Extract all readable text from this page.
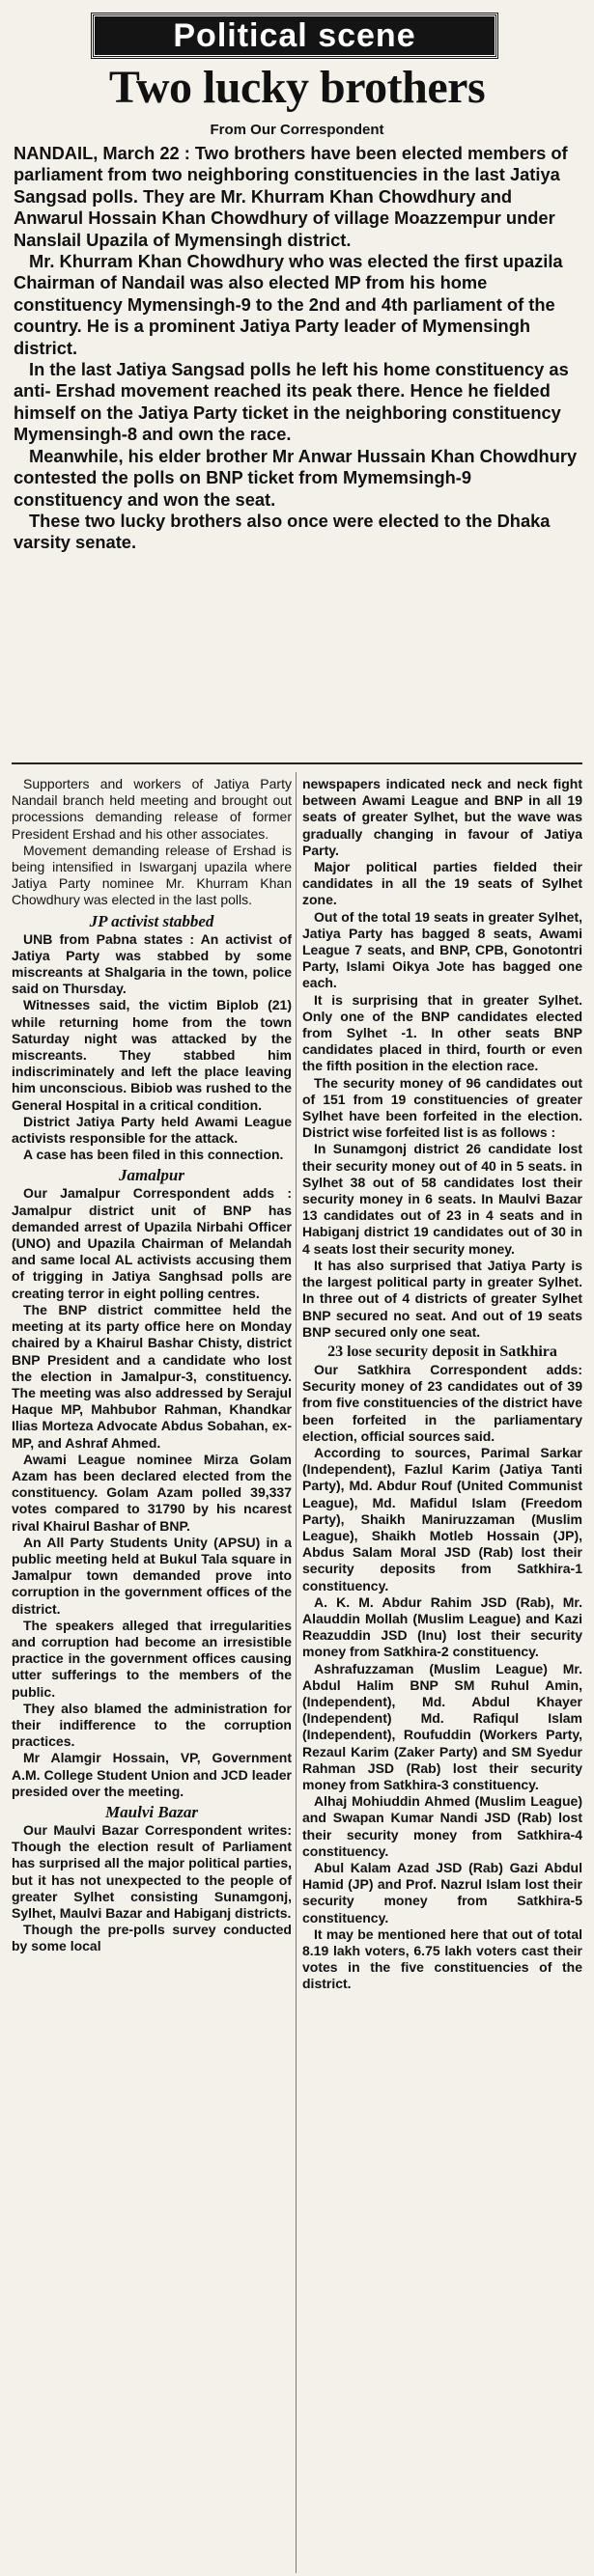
Political scene
Two lucky brothers
From Our Correspondent

NANDAIL, March 22 : Two brothers have been elected members of parliament from two neighboring constituencies in the last Jatiya Sangsad polls. They are Mr. Khurram Khan Chowdhury and Anwarul Hossain Khan Chowdhury of village Moazzempur under Nanslail Upazila of Mymensingh district.

Mr. Khurram Khan Chowdhury who was elected the first upazila Chairman of Nandail was also elected MP from his home constituency Mymensingh-9 to the 2nd and 4th parliament of the country. He is a prominent Jatiya Party leader of Mymensingh district.

In the last Jatiya Sangsad polls he left his home constituency as anti- Ershad movement reached its peak there. Hence he fielded himself on the Jatiya Party ticket in the neighboring constituency Mymensingh-8 and own the race.

Meanwhile, his elder brother Mr Anwar Hussain Khan Chowdhury contested the polls on BNP ticket from Mymemsingh-9 constituency and won the seat.

These two lucky brothers also once were elected to the Dhaka varsity senate.

Supporters and workers of Jatiya Party Nandail branch held meeting and brought out processions demanding release of former President Ershad and his other associates.

Movement demanding release of Ershad is being intensified in Iswarganj upazila where Jatiya Party nominee Mr. Khurram Khan Chowdhury was elected in the last polls.

JP activist stabbed

UNB from Pabna states : An activist of Jatiya Party was stabbed by some miscreants at Shalgaria in the town, police said on Thursday.

Witnesses said, the victim Biplob (21) while returning home from the town Saturday night was attacked by the miscreants. They stabbed him indiscriminately and left the place leaving him unconscious. Bibiob was rushed to the General Hospital in a critical condition.

District Jatiya Party held Awami League activists responsible for the attack.

A case has been filed in this connection.

Jamalpur

Our Jamalpur Correspondent adds : Jamalpur district unit of BNP has demanded arrest of Upazila Nirbahi Officer (UNO) and Upazila Chairman of Melandah and same local AL activists accusing them of trigging in Jatiya Sanghsad polls are creating terror in eight polling centres.

The BNP district committee held the meeting at its party office here on Monday chaired by a Khairul Bashar Chisty, district BNP President and a candidate who lost the election in Jamalpur-3, constituency. The meeting was also addressed by Serajul Haque MP, Mahbubor Rahman, Khandkar Ilias Morteza Advocate Abdus Sobahan, ex-MP, and Ashraf Ahmed.

Awami League nominee Mirza Golam Azam has been declared elected from the constituency. Golam Azam polled 39,337 votes compared to 31790 by his ncarest rival Khairul Bashar of BNP.

An All Party Students Unity (APSU) in a public meeting held at Bukul Tala square in Jamalpur town demanded prove into corruption in the government offices of the district.

The speakers alleged that irregularities and corruption had become an irresistible practice in the government offices causing utter sufferings to the members of the public.

They also blamed the administration for their indifference to the corruption practices.

Mr Alamgir Hossain, VP, Government A.M. College Student Union and JCD leader presided over the meeting.

Maulvi Bazar

Our Maulvi Bazar Correspondent writes: Though the election result of Parliament has surprised all the major political parties, but it has not unexpected to the people of greater Sylhet consisting Sunamgonj, Sylhet, Maulvi Bazar and Habiganj districts.

Though the pre-polls survey conducted by some local

newspapers indicated neck and neck fight between Awami League and BNP in all 19 seats of greater Sylhet, but the wave was gradually changing in favour of Jatiya Party.

Major political parties fielded their candidates in all the 19 seats of Sylhet zone.

Out of the total 19 seats in greater Sylhet, Jatiya Party has bagged 8 seats, Awami League 7 seats, and BNP, CPB, Gonotontri Party, Islami Oikya Jote has bagged one each.

It is surprising that in greater Sylhet. Only one of the BNP candidates elected from Sylhet -1. In other seats BNP candidates placed in third, fourth or even the fifth position in the election race.

The security money of 96 candidates out of 151 from 19 constituencies of greater Sylhet have been forfeited in the election. District wise forfeited list is as follows :

In Sunamgonj district 26 candidate lost their security money out of 40 in 5 seats. in Sylhet 38 out of 58 candidates lost their security money in 6 seats. In Maulvi Bazar 13 candidates out of 23 in 4 seats and in Habiganj district 19 candidates out of 30 in 4 seats lost their security money.

It has also surprised that Jatiya Party is the largest political party in greater Sylhet. In three out of 4 districts of greater Sylhet BNP secured no seat. And out of 19 seats BNP secured only one seat.

23 lose security deposit in Satkhira

Our Satkhira Correspondent adds: Security money of 23 candidates out of 39 from five constituencies of the district have been forfeited in the parliamentary election, official sources said.

According to sources, Parimal Sarkar (Independent), Fazlul Karim (Jatiya Tanti Party), Md. Abdur Rouf (United Communist League), Md. Mafidul Islam (Freedom Party), Shaikh Maniruzzaman (Muslim League), Shaikh Motleb Hossain (JP), Abdus Salam Moral JSD (Rab) lost their security deposits from Satkhira-1 constituency.

A. K. M. Abdur Rahim JSD (Rab), Mr. Alauddin Mollah (Muslim League) and Kazi Reazuddin JSD (Inu) lost their security money from Satkhira-2 constituency.

Ashrafuzzaman (Muslim League) Mr. Abdul Halim BNP SM Ruhul Amin, (Independent), Md. Abdul Khayer (Independent) Md. Rafiqul Islam (Independent), Roufuddin (Workers Party, Rezaul Karim (Zaker Party) and SM Syedur Rahman JSD (Rab) lost their security money from Satkhira-3 constituency.

Alhaj Mohiuddin Ahmed (Muslim League) and Swapan Kumar Nandi JSD (Rab) lost their security money from Satkhira-4 constituency.

Abul Kalam Azad JSD (Rab) Gazi Abdul Hamid (JP) and Prof. Nazrul Islam lost their security money from Satkhira-5 constituency.

It may be mentioned here that out of total 8.19 lakh voters, 6.75 lakh voters cast their votes in the five constituencies of the district.
